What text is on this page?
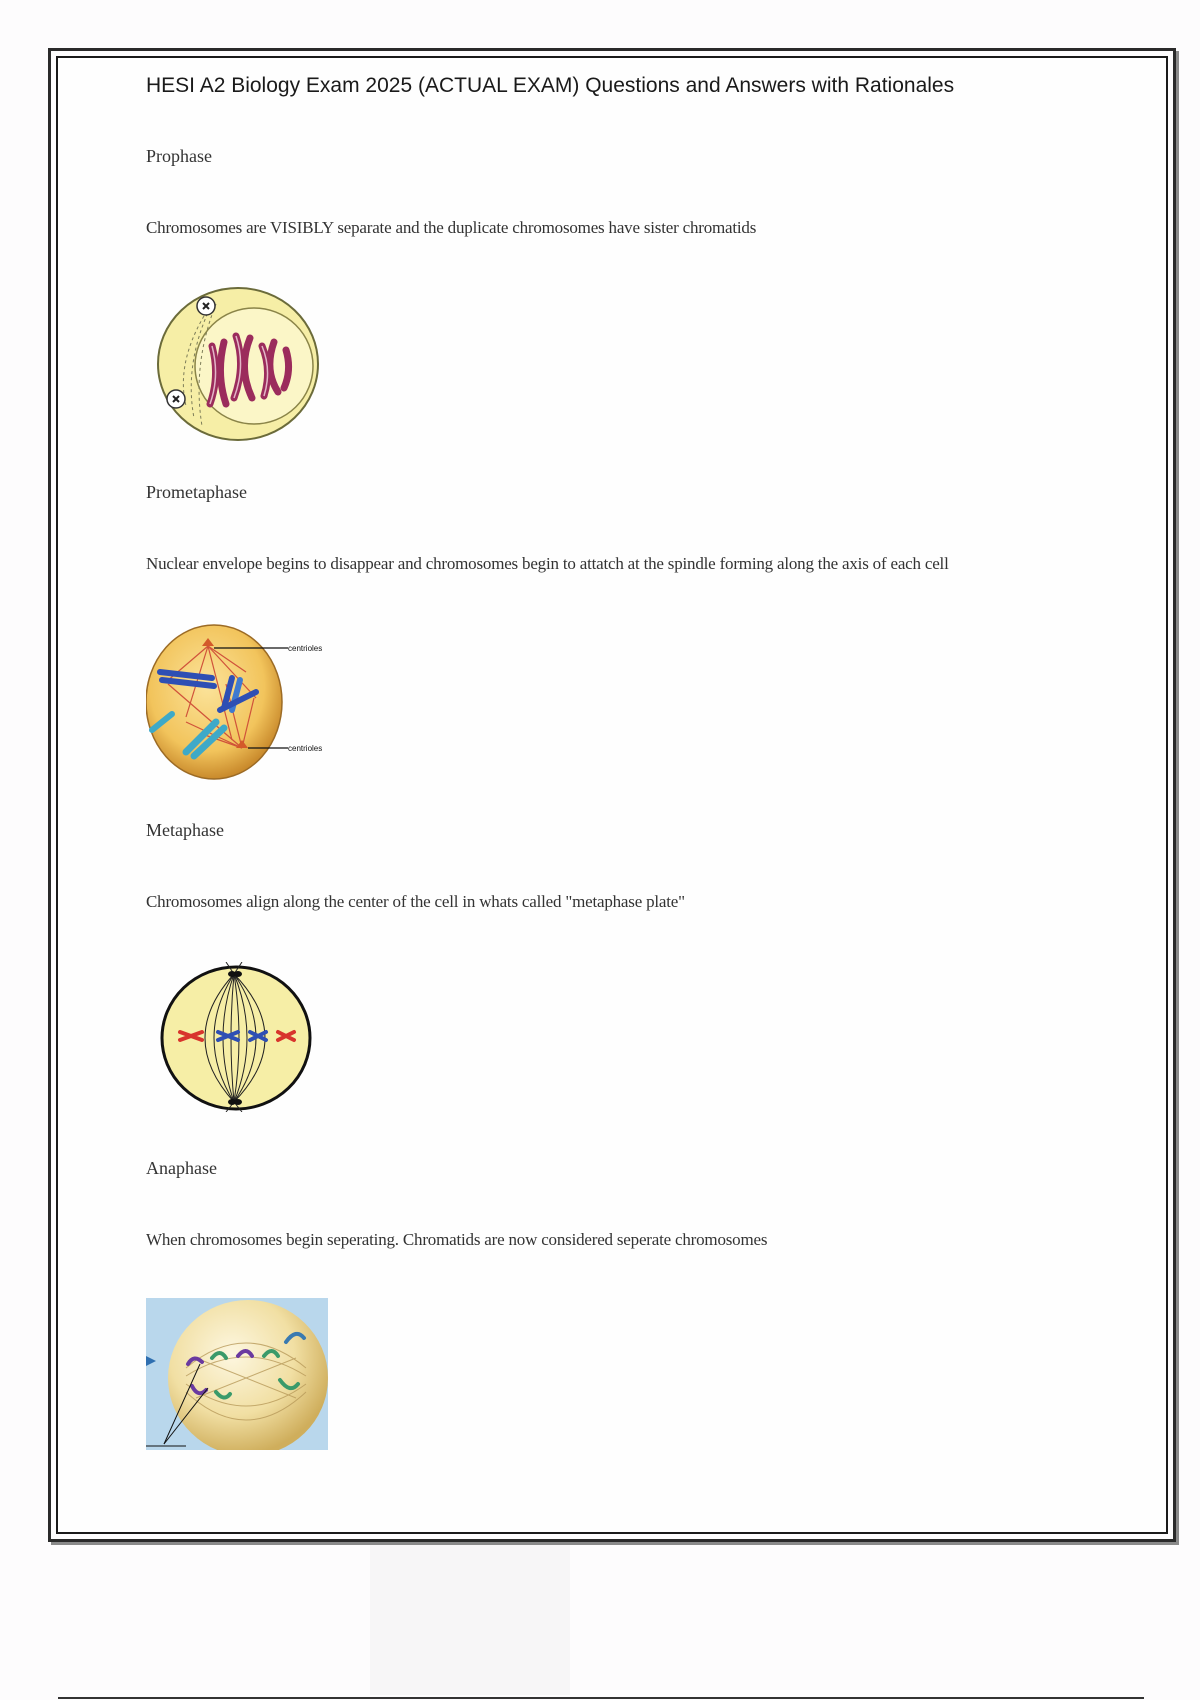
HESI A2 Biology Exam 2025 (ACTUAL EXAM) Questions and Answers with Rationales

Prophase

Chromosomes are VISIBLY separate and the duplicate chromosomes have sister chromatids

Prometaphase

Nuclear envelope begins to disappear and chromosomes begin to attatch at the spindle forming along the axis of each cell

centrioles
centrioles

Metaphase

Chromosomes align along the center of the cell in whats called "metaphase plate"

Anaphase

When chromosomes begin seperating. Chromatids are now considered seperate chromosomes
